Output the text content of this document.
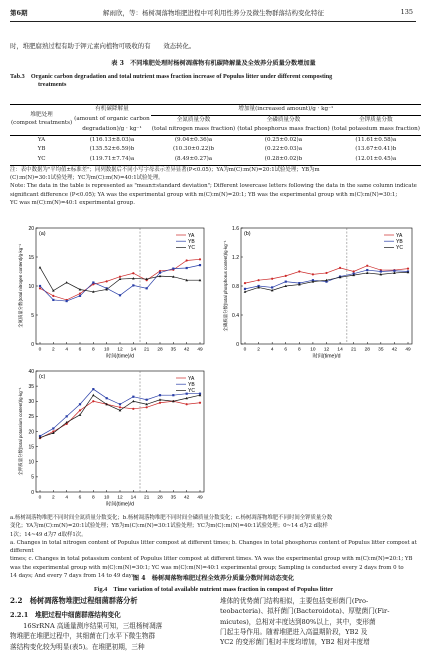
第6期	解雨欣，等：杨树凋落物堆肥进程中可利用性养分及微生物群落结构变化特征	135
时，堆肥腐熟过程有助于钾元素向植物可吸收的有　　效态转化。
表 3　不同堆肥处理时杨树凋落物有机碳降解量及全效养分质量分数增加量
Tab.3　Organic carbon degradation and total nutrient mass fraction increase of Populus litter under different composting
treatments
堆肥处理
(compost treatments)	有机碳降解量	增加量(increased amount)/g · kg⁻¹		
	(amount of organic carbon	全氮质量分数	全磷质量分数	全钾质量分数
	degradation)/g · kg⁻¹	(total nitrogen mass fraction)	(total phosphorus mass fraction)	(total potassium mass fraction)
YA	(116.13±8.03)a	(9.04±0.36)a	(0.25±0.02)a	(11.61±0.58)a
YB	(135.52±6.59)b	(10.30±0.22)b	(0.22±0.03)a	(13.67±0.41)b
YC	(119.71±7.74)a	(8.49±0.27)a	(0.28±0.02)b	(12.01±0.45)a
注：表中数据为"平均值±标准差"；同列数据后不同小写字母表示差异显著(P<0.05)；YA为m(C):m(N)=20:1试验处理；YB为m
(C):m(N)=30:1试验处理；YC为m(C):m(N)=40:1试验处理。
Note: The data in the table is represented as "mean±standard deviation"; Different lowercase letters following the data in the same column indicate
significant difference (P<0.05); YA was the experimental group with m(C):m(N)=20:1; YB was the experimental group with m(C):m(N)=30:1;
YC was m(C):m(N)=40:1 experimental group.
0
5
10
15
20
0 2 4 6 8 10 12 14 21 28 35 42 49
时间(time)/d
全氮质量分数(total nitrogen content)/g·kg⁻¹
(a)	YA
YB
YC
0
0.4
0.8
1.2
1.6
0 2 4 6 8 10 12 14 21 28 35 42 49
时间(time)/d
全磷质量分数(total phosphorus content)/g·kg⁻¹
(b)	YA
YB
YC
0
5
10
15
20
25
30
35
40
0 2 4 6 8 10 12 14 21 28 35 42 49
时间(time)/d
全钾质量分数(total potassium content)/g·kg⁻¹
(c)	YA
YB
YC
a.杨树凋落物堆肥不同时间全氮质量分数变化；b.杨树凋落物堆肥不同时间全磷质量分数变化；c.杨树凋落物堆肥不同时间全钾质量分数
变化；YA为m(C):m(N)=20:1试验处理；YB为m(C):m(N)=30:1试验处理；YC为m(C):m(N)=40:1试验处理；0~14 d为2 d取样
1次；14~49 d为7 d取样1次。
a. Changes in total nitrogen content of Populus litter compost at different times; b. Changes in total phosphorus content of Populus litter compost at different
times; c. Changes in total potassium content of Populus litter compost at different times. YA was the experimental group with m(C):m(N)=20:1; YB
was the experimental group with m(C):m(N)=30:1; YC was m(C):m(N)=40:1 experimental group; Sampling is conducted every 2 days from 0 to
14 days; And every 7 days from 14 to 49 days.
图 4　杨树凋落物堆肥过程全效养分质量分数时间动态变化
Fig.4　Time variation of total available nutrient mass fraction in compost of Populus litter
2.2　杨树凋落物堆肥过程细菌群落分析
2.2.1　堆肥过程中细菌群落结构变化
　　16SrRNA 高通量测序结果可知，三组杨树凋落
物堆肥在堆肥过程中，其细菌在门水平下微生物群
落结构变化较为明显(表5)。在堆肥初期，三种
堆体的优势菌门结构相似，主要包括变形菌门(Pro-
teobacteria)、拟杆菌门(Bacteroidota)、厚壁菌门(Fir-
micutes)，总相对丰度达到80%以上，其中，变形菌
门起主导作用。随着堆肥进入高温期阶段，YB2 及
YC2 的变形菌门相对丰度均增加，YB2 相对丰度增
